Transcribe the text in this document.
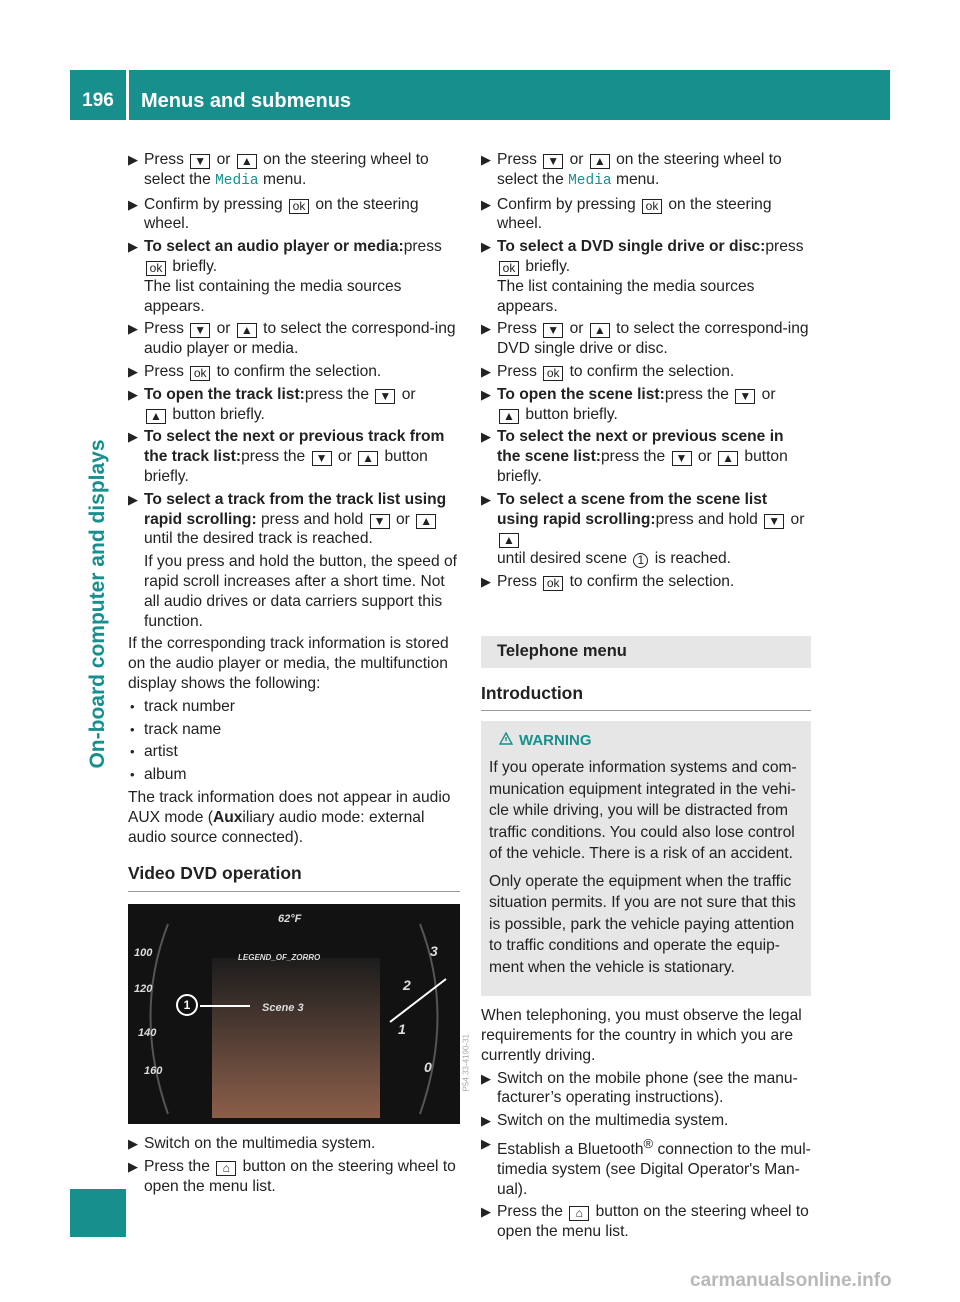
196	Menus and submenus
On-board computer and displays
▶ Press ▼ or ▲ on the steering wheel to select the Media menu.
▶ Confirm by pressing ok on the steering wheel.
▶ To select an audio player or media:press
ok briefly.
The list containing the media sources appears.
▶ Press ▼ or ▲ to select the correspond-ing audio player or media.
▶ Press ok to confirm the selection.
▶ To open the track list:press the ▼ or
▲ button briefly.
▶ To select the next or previous track from the track list:press the ▼ or ▲ button briefly.
▶ To select a track from the track list using rapid scrolling: press and hold ▼ or ▲
until the desired track is reached.
If you press and hold the button, the speed of rapid scroll increases after a short time. Not all audio drives or data carriers support this function.
If the corresponding track information is stored on the audio player or media, the multifunction display shows the following:
• track number
• track name
• artist
• album
The track information does not appear in audio AUX mode (Auxiliary audio mode: external audio source connected).
Video DVD operation
62°F
100
120
140
160
3
2
1
0
LEGEND_OF_ZORRO
Scene 3
1
P54.33-4190-31
▶ Switch on the multimedia system.
▶ Press the ⌂ button on the steering wheel to open the menu list.
▶ Press ▼ or ▲ on the steering wheel to select the Media menu.
▶ Confirm by pressing ok on the steering wheel.
▶ To select a DVD single drive or disc:press
ok briefly.
The list containing the media sources appears.
▶ Press ▼ or ▲ to select the correspond-ing DVD single drive or disc.
▶ Press ok to confirm the selection.
▶ To open the scene list:press the ▼ or
▲ button briefly.
▶ To select the next or previous scene in the scene list:press the ▼ or ▲ button briefly.
▶ To select a scene from the scene list using rapid scrolling:press and hold ▼ or ▲
until desired scene 1 is reached.
▶ Press ok to confirm the selection.
Telephone menu
Introduction
WARNING

If you operate information systems and com-munication equipment integrated in the vehi-cle while driving, you will be distracted from traffic conditions. You could also lose control of the vehicle. There is a risk of an accident.

Only operate the equipment when the traffic situation permits. If you are not sure that this is possible, park the vehicle paying attention to traffic conditions and operate the equip-ment when the vehicle is stationary.

When telephoning, you must observe the legal requirements for the country in which you are currently driving.
▶ Switch on the mobile phone (see the manu-facturer’s operating instructions).
▶ Switch on the multimedia system.
▶ Establish a Bluetooth® connection to the mul-timedia system (see Digital Operator's Man-ual).
▶ Press the ⌂ button on the steering wheel to open the menu list.
carmanualsonline.info
